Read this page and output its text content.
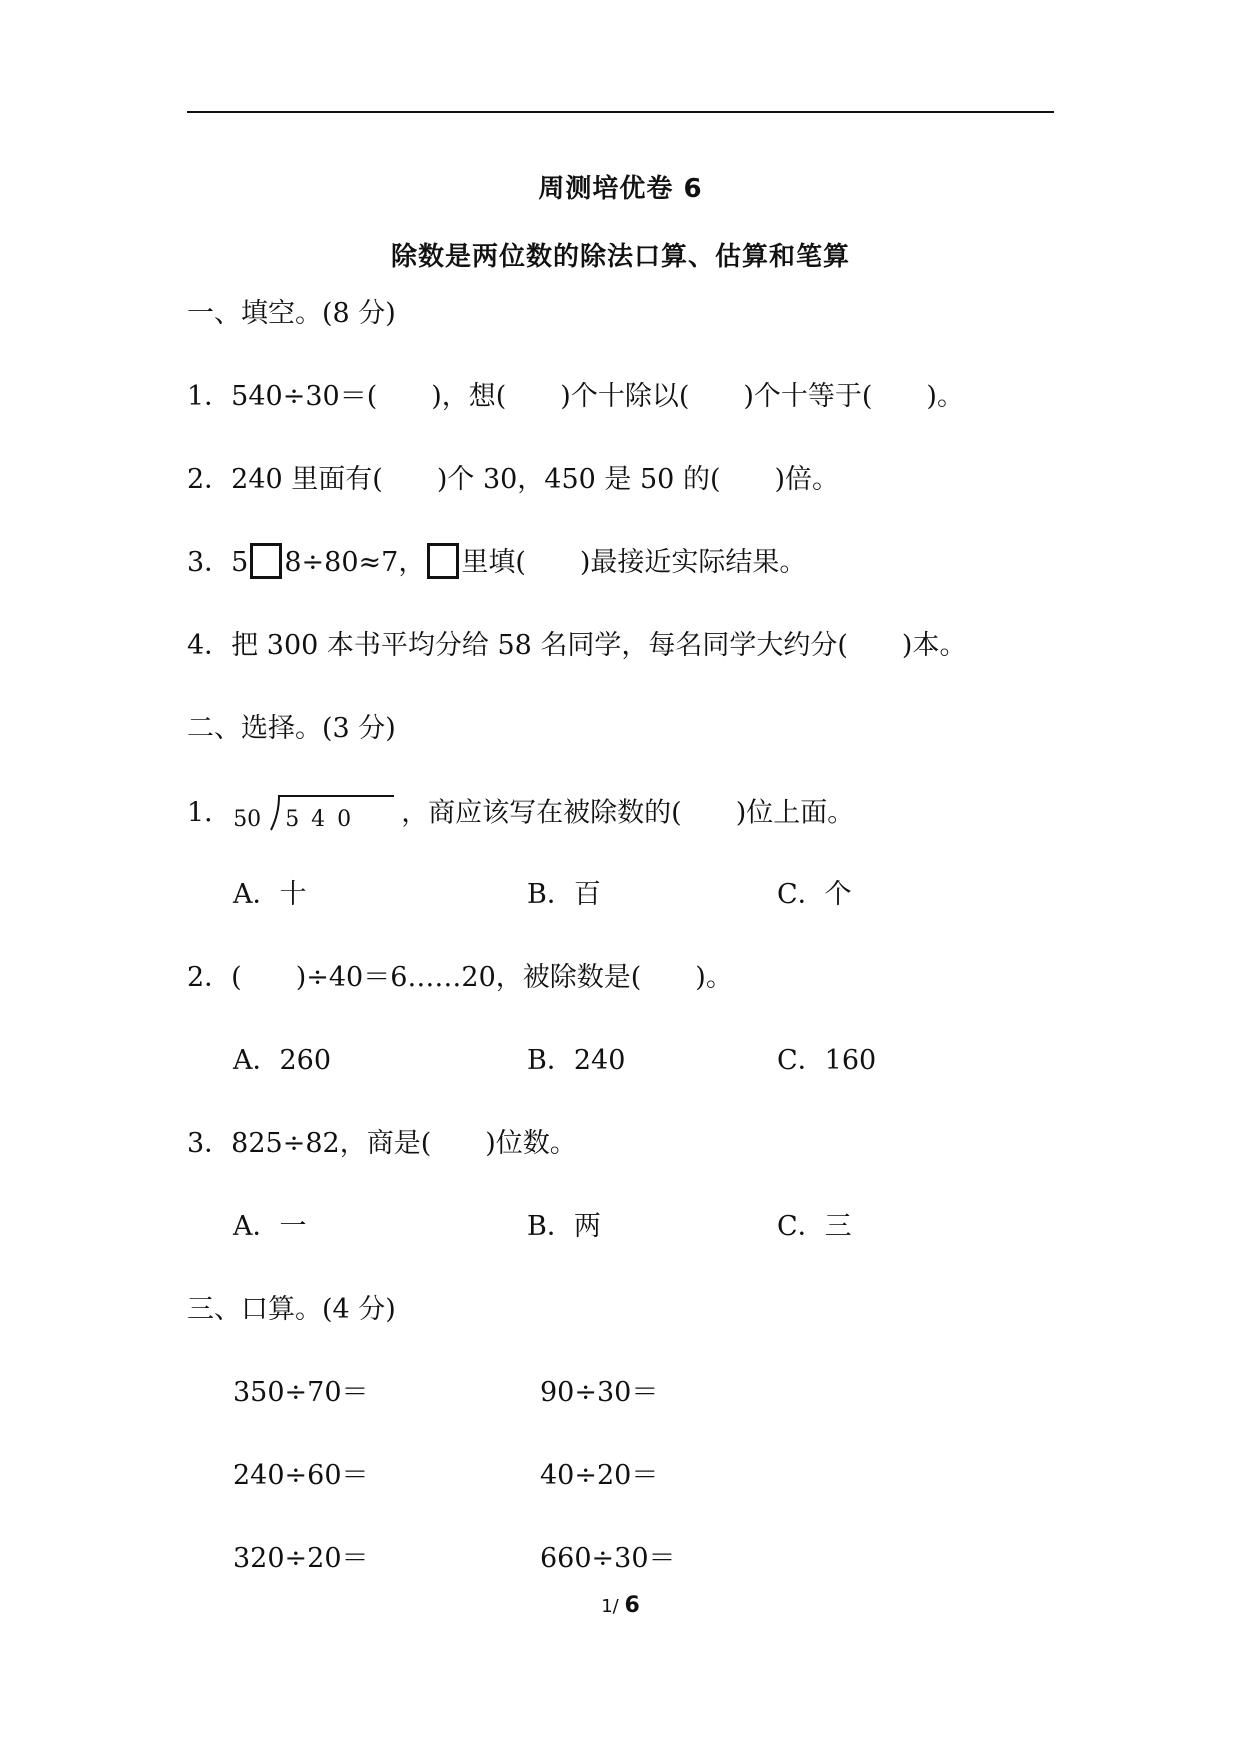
周测培优卷 6
除数是两位数的除法口算、估算和笔算
一、填空。(8 分)
1．540÷30＝(　　)，想(　　)个十除以(　　)个十等于(　　)。
2．240 里面有(　　)个 30，450 是 50 的(　　)倍。
3．5 8÷80≈7， 里填(　　)最接近实际结果。
4．把 300 本书平均分给 58 名同学，每名同学大约分(　　)本。
二、选择。(3 分)
1． 50 540 ，商应该写在被除数的(　　)位上面。
A．十	B．百	C．个
2．(　　)÷40＝6……20，被除数是(　　)。
A．260	B．240	C．160
3．825÷82，商是(　　)位数。
A．一	B．两	C．三
三、口算。(4 分)
350÷70＝	90÷30＝
240÷60＝	40÷20＝
320÷20＝	660÷30＝
1/ 6
